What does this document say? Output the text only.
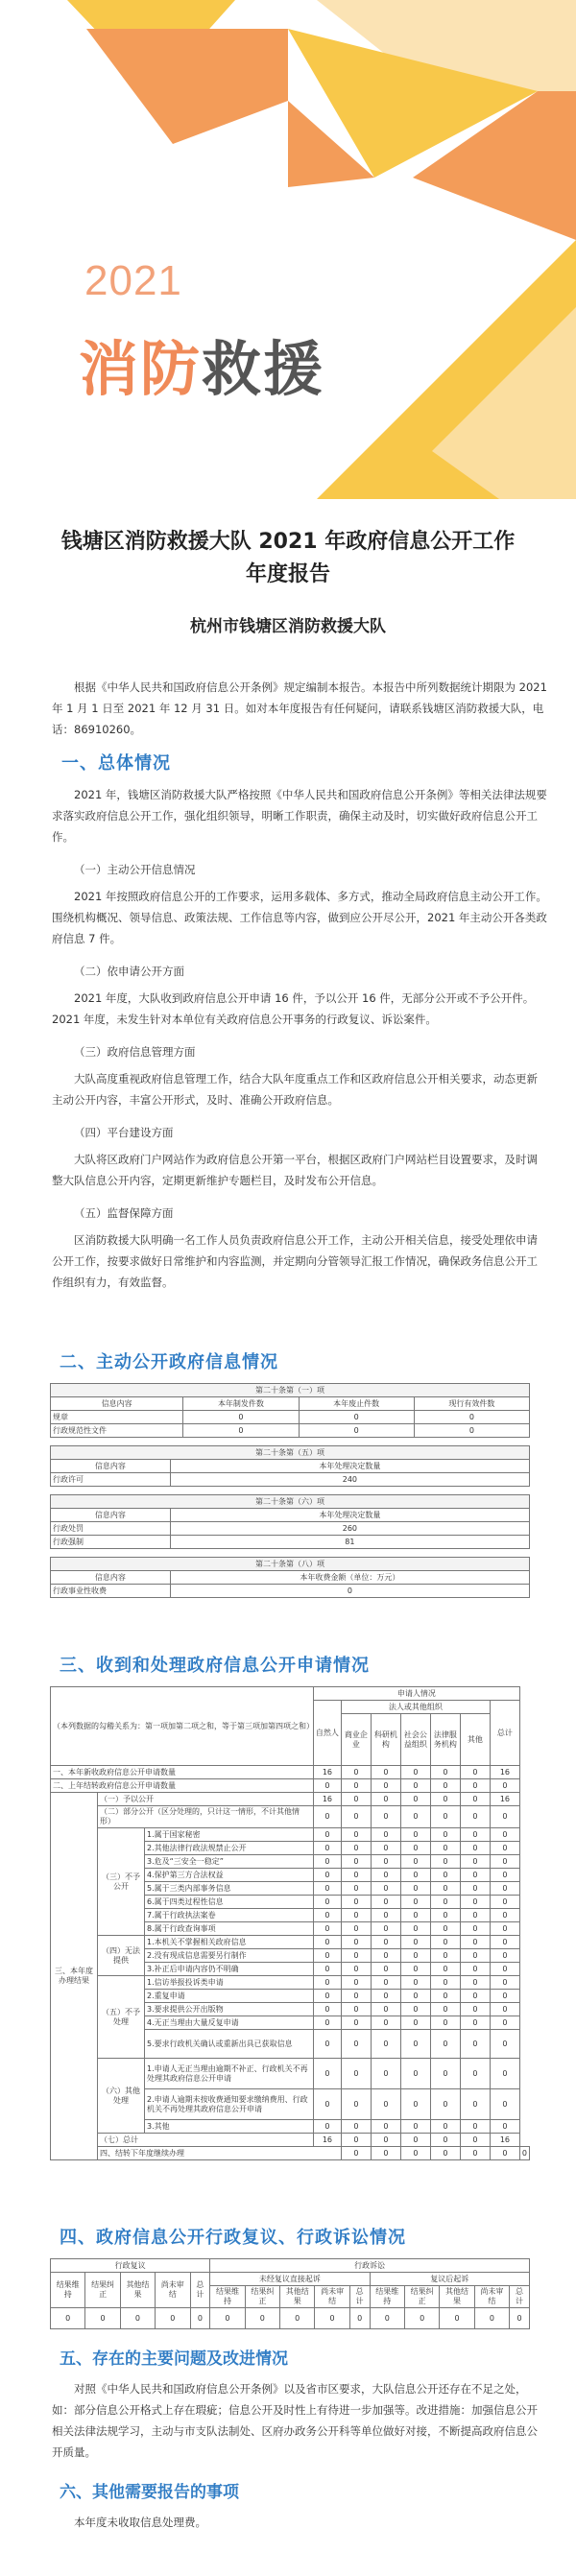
2021
消防救援
钱塘区消防救援大队 2021 年政府信息公开工作
年度报告
杭州市钱塘区消防救援大队

根据《中华人民共和国政府信息公开条例》规定编制本报告。本报告中所列数据统计期限为 2021 年 1 月 1 日至 2021 年 12 月 31 日。如对本年度报告有任何疑问，请联系钱塘区消防救援大队，电话：86910260。

一、总体情况

2021 年，钱塘区消防救援大队严格按照《中华人民共和国政府信息公开条例》等相关法律法规要求落实政府信息公开工作，强化组织领导，明晰工作职责，确保主动及时，切实做好政府信息公开工作。

（一）主动公开信息情况

2021 年按照政府信息公开的工作要求，运用多载体、多方式，推动全局政府信息主动公开工作。围绕机构概况、领导信息、政策法规、工作信息等内容，做到应公开尽公开，2021 年主动公开各类政府信息 7 件。

（二）依申请公开方面

2021 年度，大队收到政府信息公开申请 16 件，予以公开 16 件，无部分公开或不予公开件。2021 年度，未发生针对本单位有关政府信息公开事务的行政复议、诉讼案件。

（三）政府信息管理方面

大队高度重视政府信息管理工作，结合大队年度重点工作和区政府信息公开相关要求，动态更新主动公开内容，丰富公开形式，及时、准确公开政府信息。

（四）平台建设方面

大队将区政府门户网站作为政府信息公开第一平台，根据区政府门户网站栏目设置要求，及时调整大队信息公开内容，定期更新维护专题栏目，及时发布公开信息。

（五）监督保障方面

区消防救援大队明确一名工作人员负责政府信息公开工作，主动公开相关信息，接受处理依申请公开工作，按要求做好日常维护和内容监测，并定期向分管领导汇报工作情况，确保政务信息公开工作组织有力，有效监督。

二、主动公开政府信息情况
第二十条第（一）项			
信息内容	本年制发件数	本年废止件数	现行有效件数
规章	0	0	0
行政规范性文件	0	0	0
第二十条第（五）项	
信息内容	本年处理决定数量
行政许可	240
第二十条第（六）项	
信息内容	本年处理决定数量
行政处罚	260
行政强制	81
第二十条第（八）项	
信息内容	本年收费金额（单位：万元）
行政事业性收费	0
三、收到和处理政府信息公开申请情况
（本列数据的勾稽关系为：第一项加第二项之和，等于第三项加第四项之和）			申请人情况							
			自然人	法人或其他组织					总计	
				商业企业	科研机构	社会公益组织	法律服务机构	其他		
一、本年新收政府信息公开申请数量			16	0	0	0	0	0	16	
二、上年结转政府信息公开申请数量			0	0	0	0	0	0	0	
三、本年度办理结果	（一）予以公开		16	0	0	0	0	0	16	
	（二）部分公开（区分处理的，只计这一情形，不计其他情形）		0	0	0	0	0	0	0	
	（三）不予公开	1.属于国家秘密	0	0	0	0	0	0	0	
		2.其他法律行政法规禁止公开	0	0	0	0	0	0	0	
		3.危及“三安全一稳定”	0	0	0	0	0	0	0	
		4.保护第三方合法权益	0	0	0	0	0	0	0	
		5.属于三类内部事务信息	0	0	0	0	0	0	0	
		6.属于四类过程性信息	0	0	0	0	0	0	0	
		7.属于行政执法案卷	0	0	0	0	0	0	0	
		8.属于行政查询事项	0	0	0	0	0	0	0	
	（四）无法提供	1.本机关不掌握相关政府信息	0	0	0	0	0	0	0	
		2.没有现成信息需要另行制作	0	0	0	0	0	0	0	
		3.补正后申请内容仍不明确	0	0	0	0	0	0	0	
	（五）不予处理	1.信访举报投诉类申请	0	0	0	0	0	0	0	
		2.重复申请	0	0	0	0	0	0	0	
		3.要求提供公开出版物	0	0	0	0	0	0	0	
		4.无正当理由大量反复申请	0	0	0	0	0	0	0	
		5.要求行政机关确认或重新出具已获取信息	0	0	0	0	0	0	0	
	（六）其他处理	1.申请人无正当理由逾期不补正、行政机关不再处理其政府信息公开申请	0	0	0	0	0	0	0	
		2.申请人逾期未按收费通知要求缴纳费用、行政机关不再处理其政府信息公开申请	0	0	0	0	0	0	0	
		3.其他	0	0	0	0	0	0	0	
	（七）总计		16	0	0	0	0	0	16	
	四、结转下年度继续办理			0	0	0	0	0	0	0
四、政府信息公开行政复议、行政诉讼情况
行政复议					行政诉讼									
结果维持	结果纠正	其他结果	尚未审结	总计	未经复议直接起诉					复议后起诉				
					结果维持	结果纠正	其他结果	尚未审结	总计	结果维持	结果纠正	其他结果	尚未审结	总计
0	0	0	0	0	0	0	0	0	0	0	0	0	0	0
五、存在的主要问题及改进情况

对照《中华人民共和国政府信息公开条例》以及省市区要求，大队信息公开还存在不足之处，如：部分信息公开格式上存在瑕疵；信息公开及时性上有待进一步加强等。改进措施：加强信息公开相关法律法规学习，主动与市支队法制处、区府办政务公开科等单位做好对接，不断提高政府信息公开质量。

六、其他需要报告的事项

本年度未收取信息处理费。
